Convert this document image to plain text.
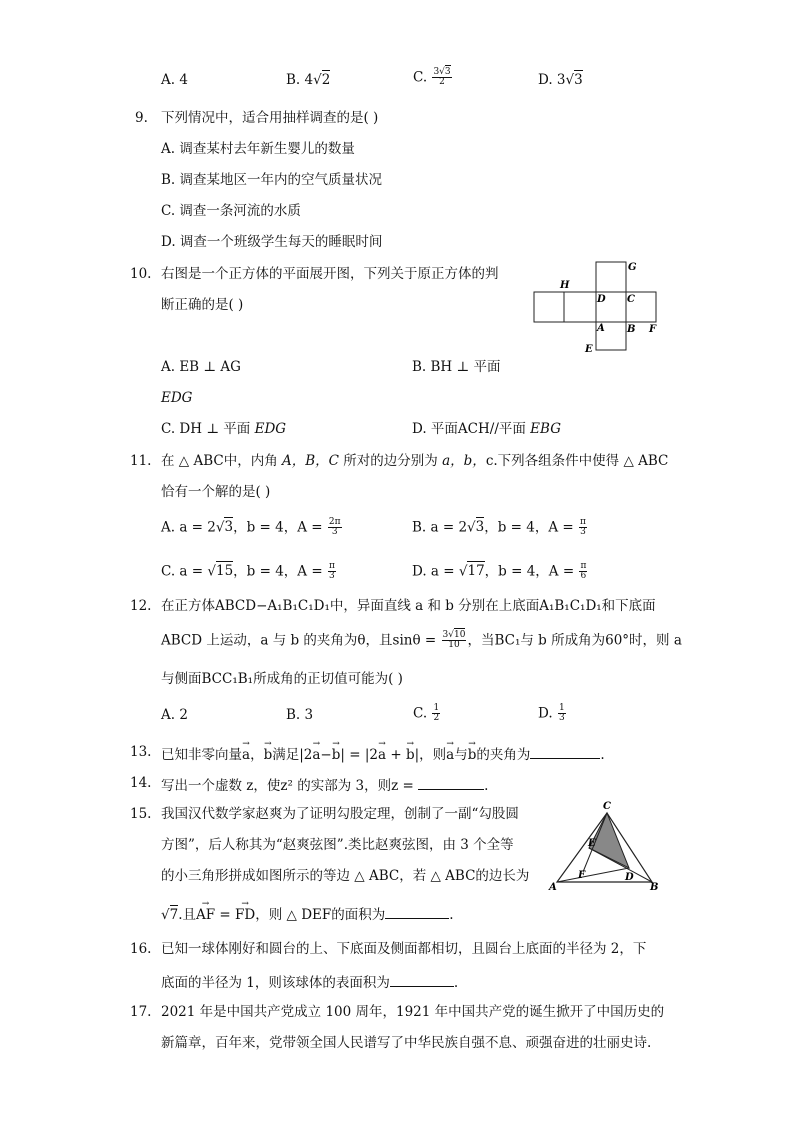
A. 4	B. 4√2	C. $\frac{3√3}{2}$	D. 3√3
9. 下列情况中，适合用抽样调查的是( )
A. 调查某村去年新生婴儿的数量
B. 调查某地区一年内的空气质量状况
C. 调查一条河流的水质
D. 调查一个班级学生每天的睡眠时间
10. 右图是一个正方体的平面展开图，下列关于原正方体的判
断正确的是( )
G
H
D C
A B F
E
A. EB ⊥ AG	B. BH ⊥ 平面
EDG
C. DH ⊥ 平面 EDG	D. 平面ACH//平面 EBG
11. 在 △ ABC中，内角 A，B，C 所对的边分别为 a，b，c.下列各组条件中使得 △ ABC
恰有一个解的是( )
A. a = 2√3，b = 4，$A = \frac{2\pi}{3}$	B. a = 2√3，b = 4，$A = \frac{\pi}{3}$
C. a = √15，b = 4，$A = \frac{\pi}{3}$	D. a = √17，b = 4，$A = \frac{\pi}{6}$
12. 在正方体ABCD−A₁B₁C₁D₁中，异面直线 a 和 b 分别在上底面A₁B₁C₁D₁和下底面
ABCD 上运动，a 与 b 的夹角为θ，且$\sin\theta = \frac{3√10}{10}$ ，当BC₁与 b 所成角为60°时，则 a
与侧面BCC₁B₁所成角的正切值可能为( )
A. 2	B. 3	C. $\frac{1}{2}$	D. $\frac{1}{3}$
13. 已知非零向量→ a，→ b满足|2→ a−→ b| = |2→ a + → b|，则→ a与→ b的夹角为	.
14. 写出一个虚数 z，使z² 的实部为 3，则z =	.
15. 我国汉代数学家赵爽为了证明勾股定理，创制了一副“勾股圆
方图”，后人称其为“赵爽弦图”.类比赵爽弦图，由 3 个全等
的小三角形拼成如图所示的等边 △ ABC，若 △ ABC的边长为
√7.且→ AF = → FD，则 △ DEF的面积为	.
C
E
D
F
A	B
16. 已知一球体刚好和圆台的上、下底面及侧面都相切，且圆台上底面的半径为 2，下
底面的半径为 1，则该球体的表面积为	.
17. 2021 年是中国共产党成立 100 周年，1921 年中国共产党的诞生掀开了中国历史的
新篇章，百年来，党带领全国人民谱写了中华民族自强不息、顽强奋进的壮丽史诗.
